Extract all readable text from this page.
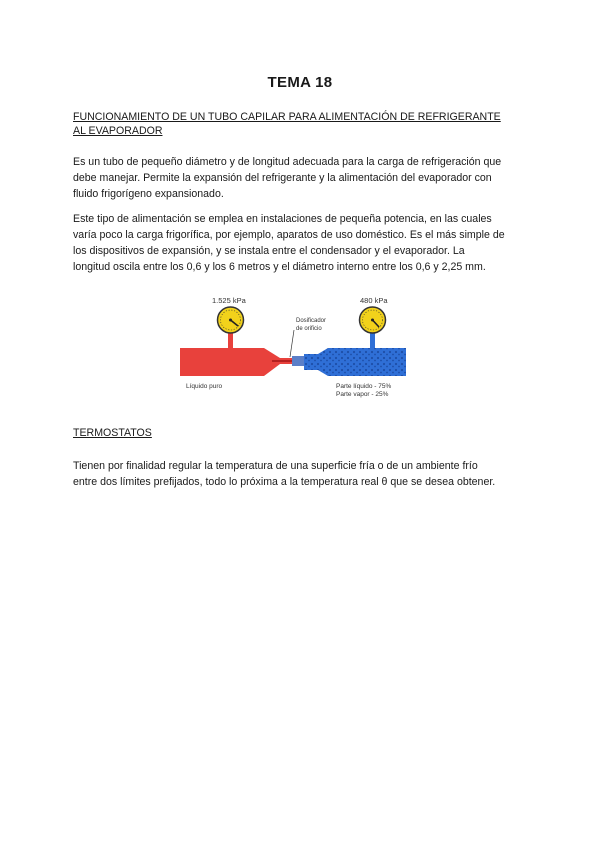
TEMA 18
FUNCIONAMIENTO DE UN TUBO CAPILAR PARA ALIMENTACIÓN DE REFRIGERANTE
AL EVAPORADOR
Es un tubo de pequeño diámetro y de longitud adecuada para la carga de refrigeración que
debe manejar. Permite la expansión del refrigerante y la alimentación del evaporador con
fluido frigorígeno expansionado.
Este tipo de alimentación se emplea en instalaciones de pequeña potencia, en las cuales
varía poco la carga frigorífica, por ejemplo, aparatos de uso doméstico. Es el más simple de
los dispositivos de expansión, y se instala entre el condensador y el evaporador. La
longitud oscila entre los 0,6 y los 6 metros y el diámetro interno entre los 0,6 y 2,25 mm.
1.525 kPa	480 kPa
Dosificador
de orificio
Líquido puro	Parte líquido - 75%
Parte vapor - 25%
TERMOSTATOS
Tienen por finalidad regular la temperatura de una superficie fría o de un ambiente frío
entre dos límites prefijados, todo lo próxima a la temperatura real θ que se desea obtener.
